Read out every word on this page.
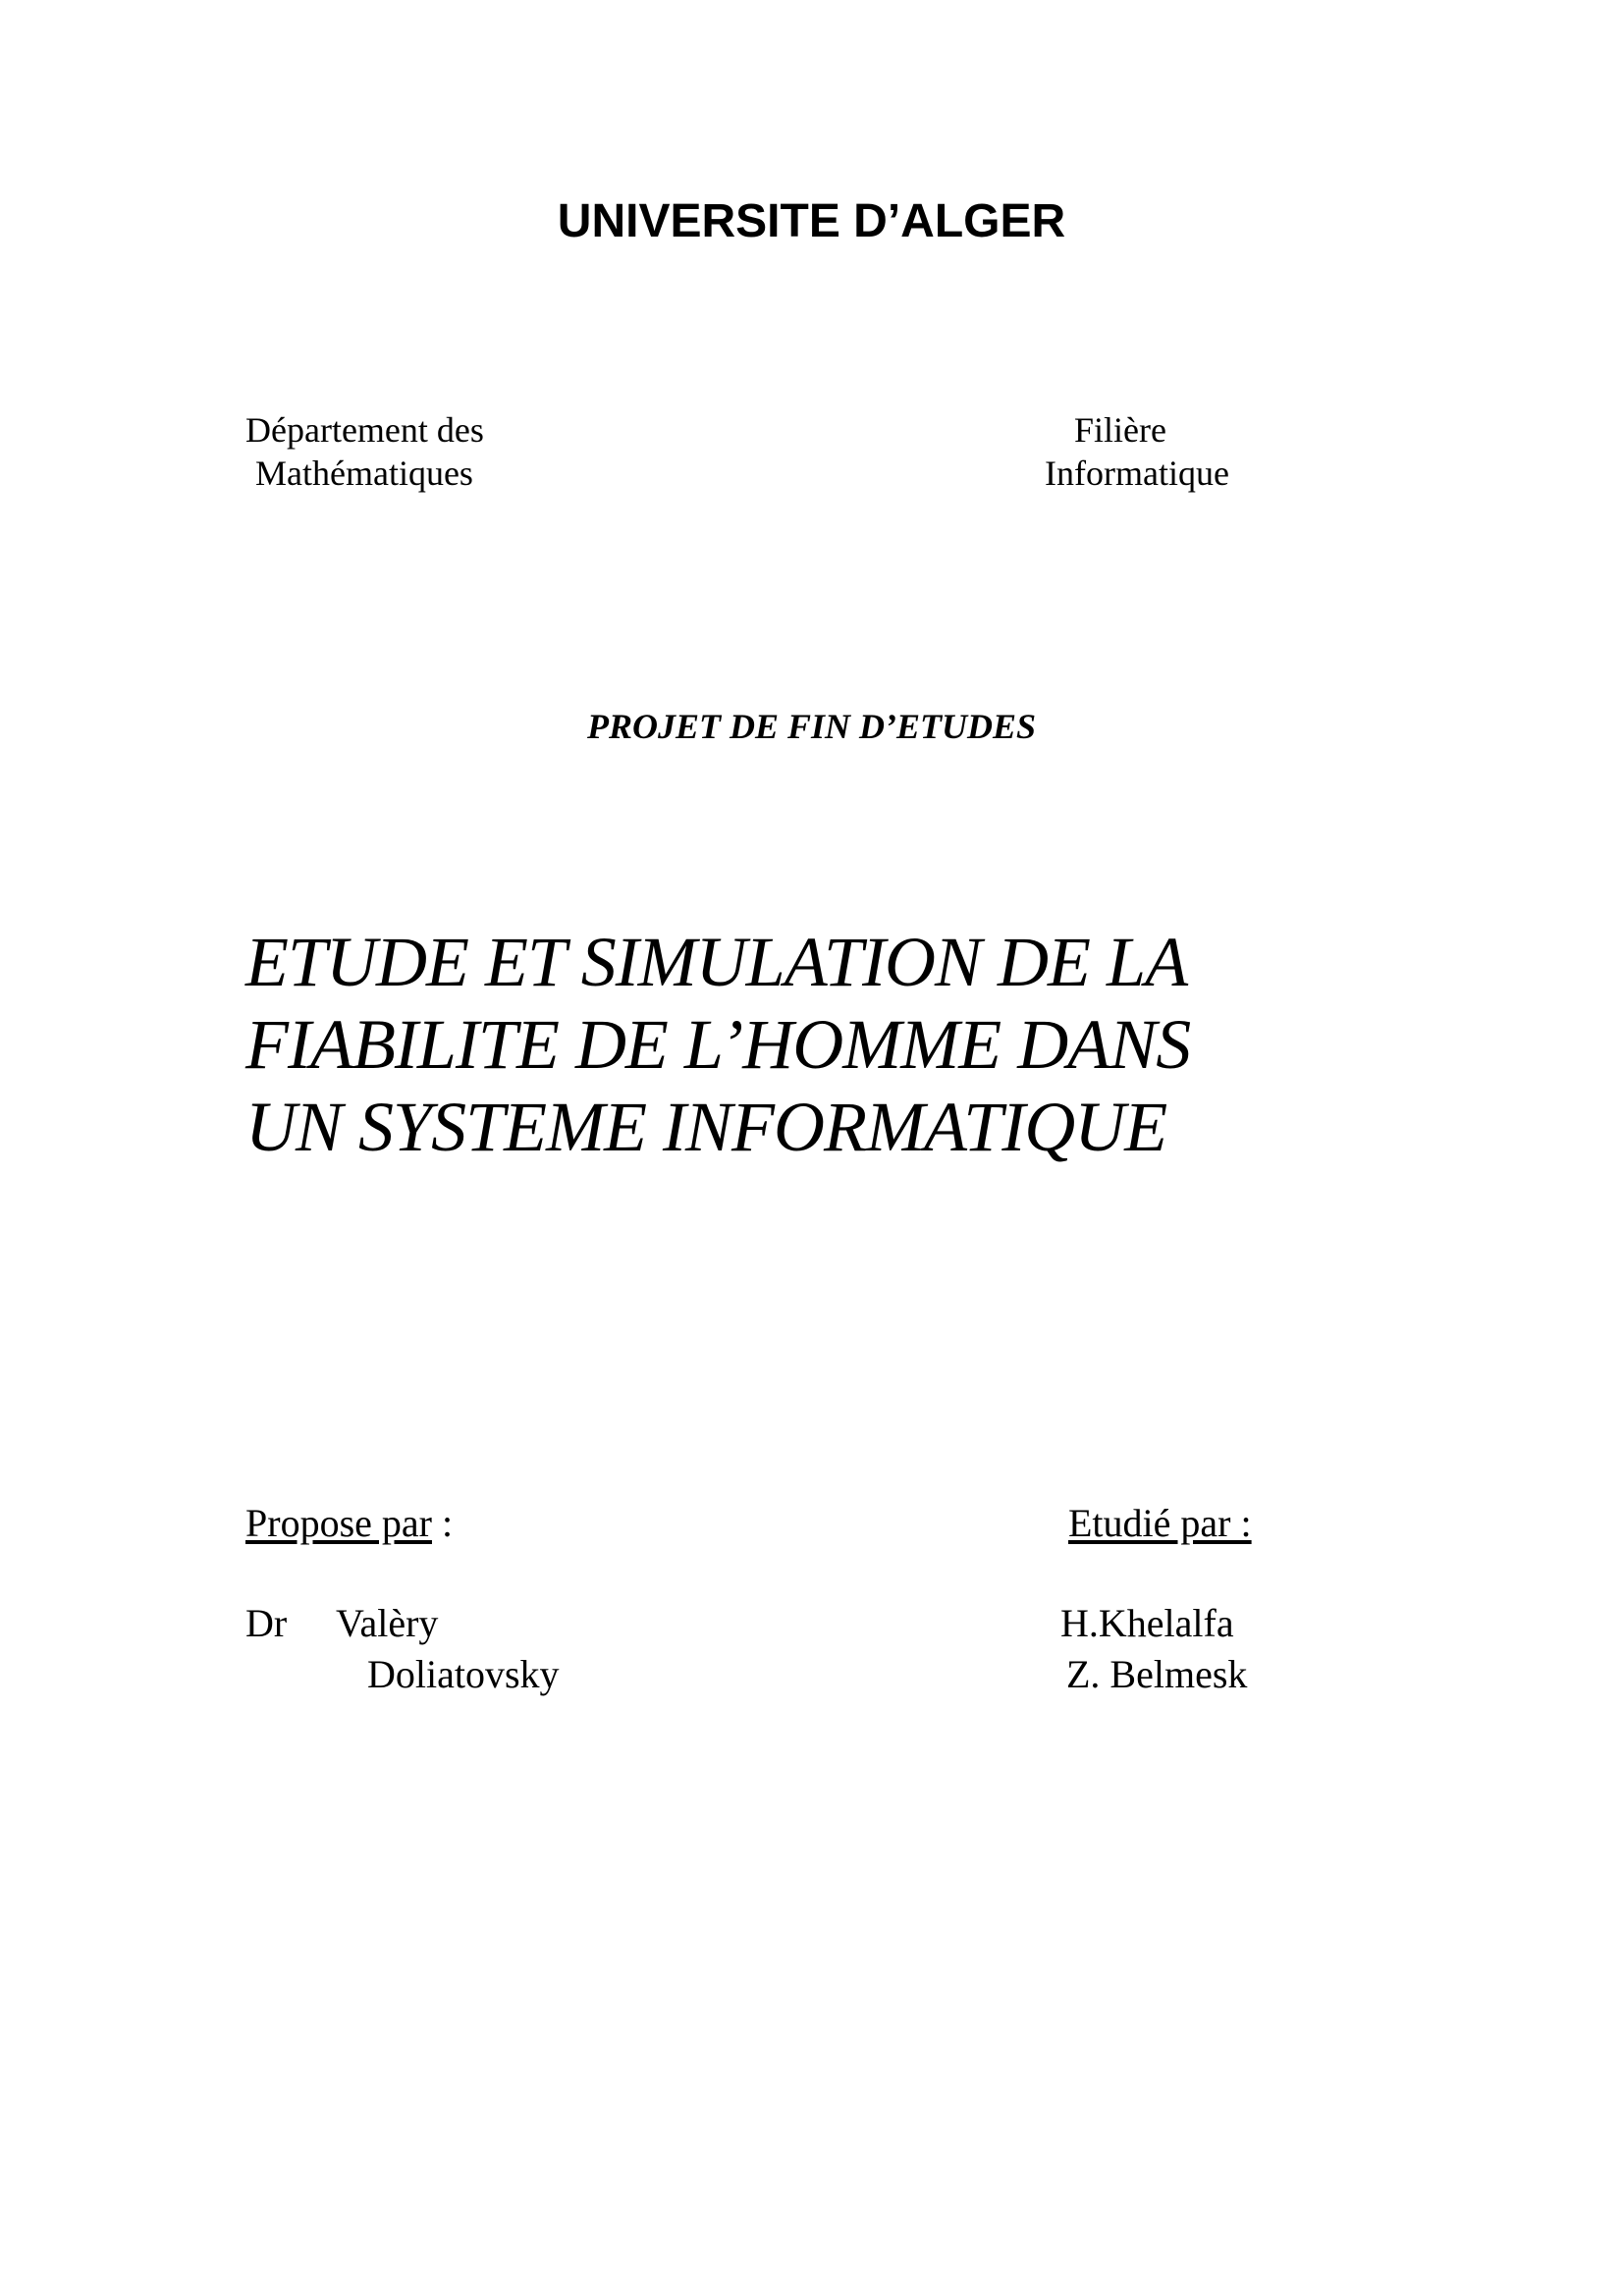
UNIVERSITE D’ALGER
Département des
Mathématiques
Filière
Informatique
PROJET DE FIN D’ETUDES
ETUDE ET SIMULATION DE LA
FIABILITE DE L’HOMME DANS
UN SYSTEME INFORMATIQUE
Propose par :	Etudié par :
Dr Valèry
Doliatovsky
H.Khelalfa
Z. Belmesk
